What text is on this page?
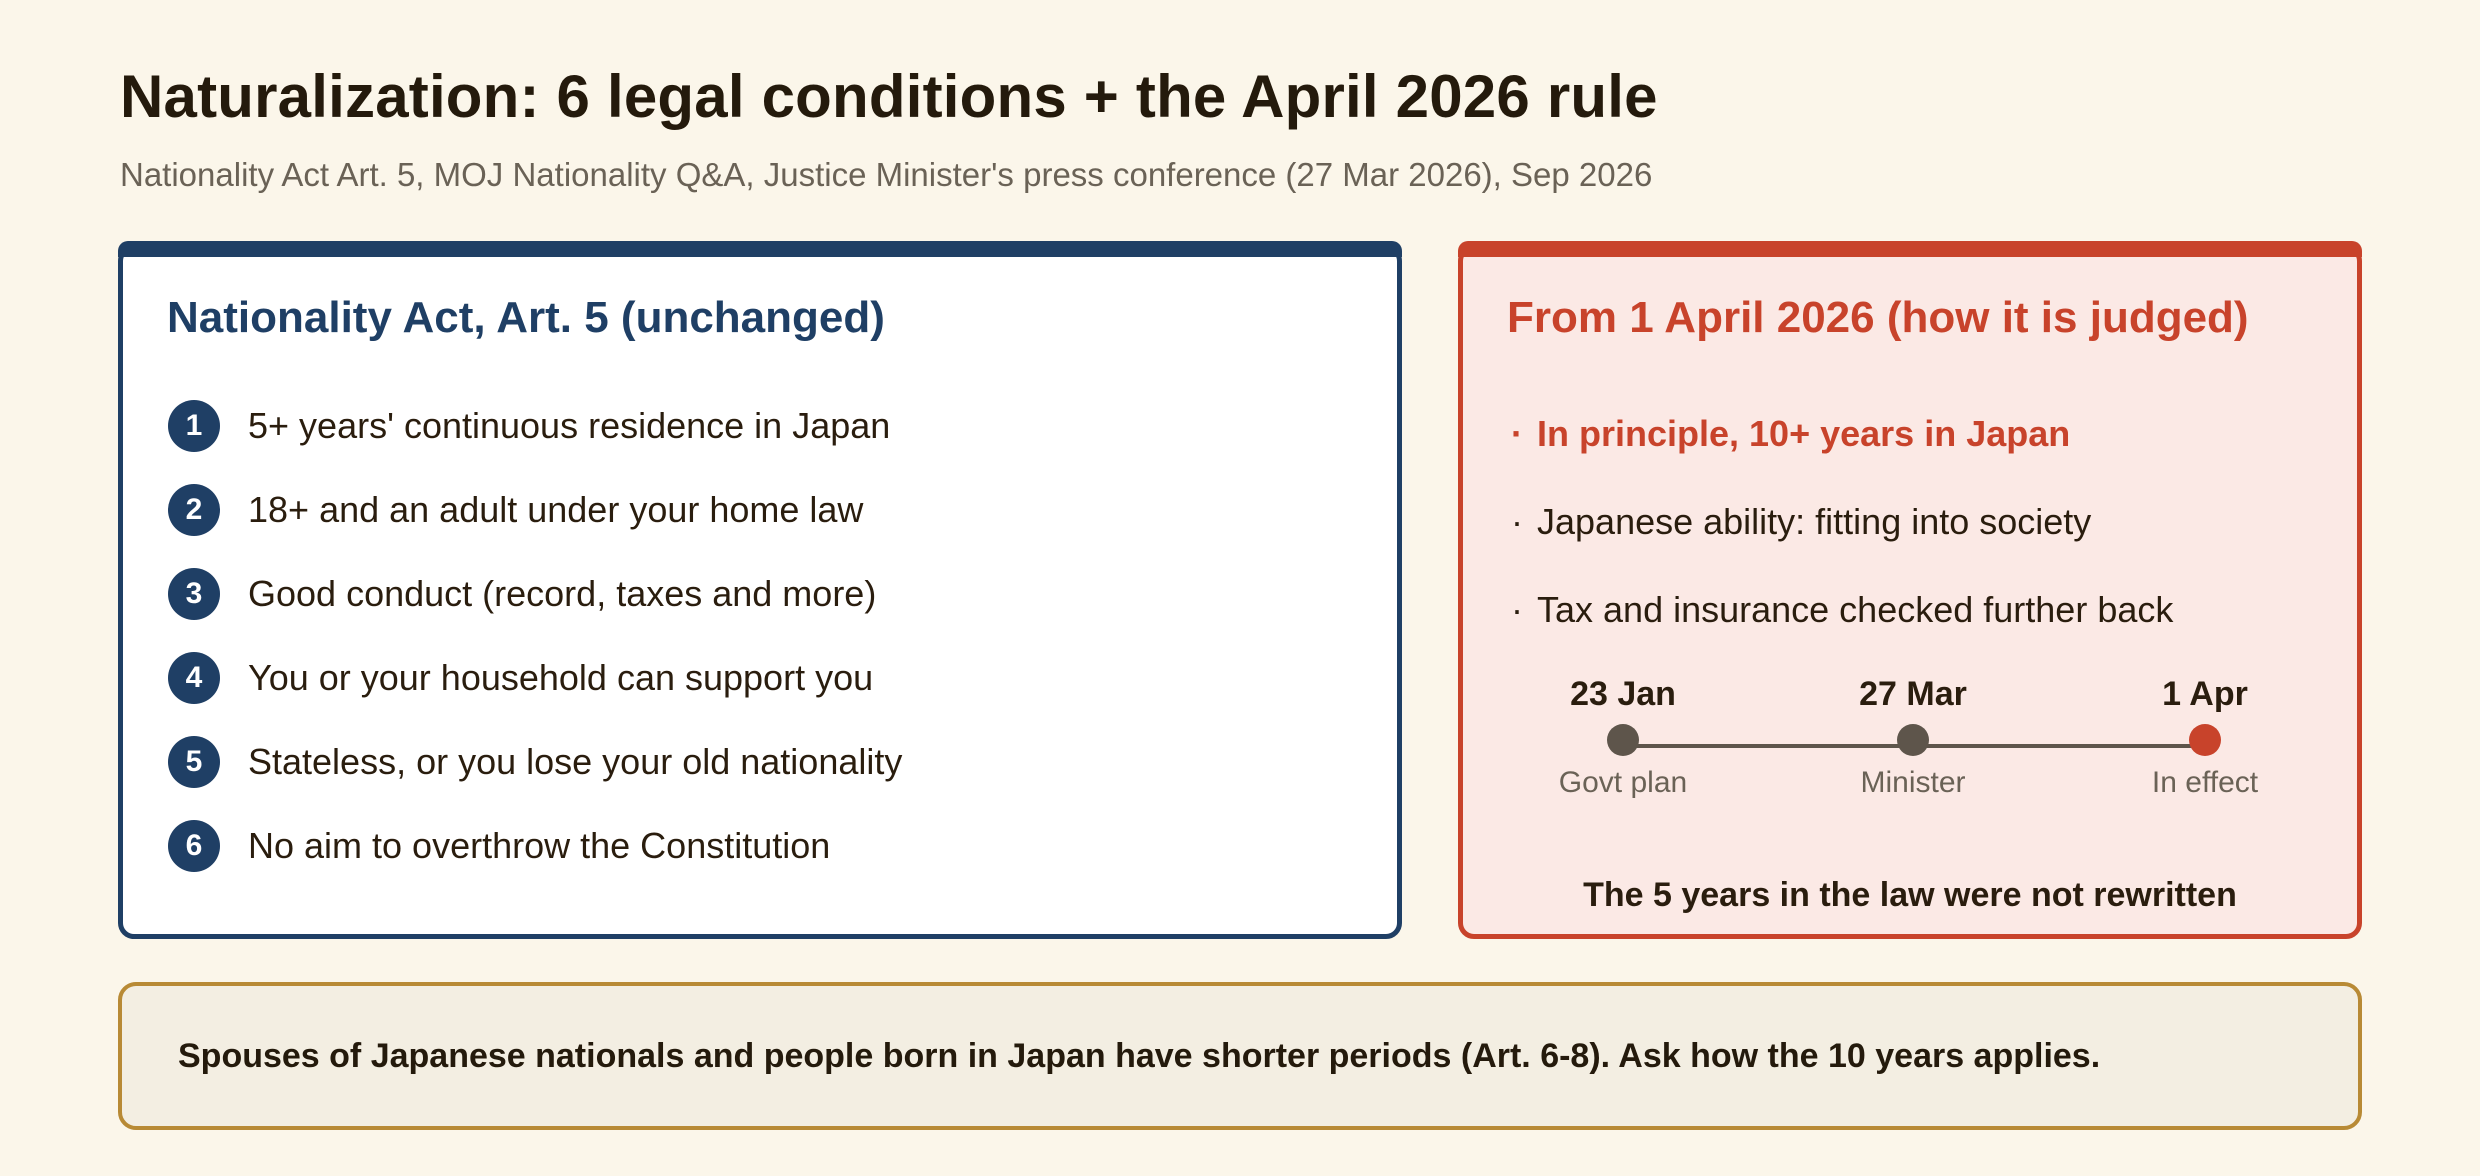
Naturalization: 6 legal conditions + the April 2026 rule

Nationality Act Art. 5, MOJ Nationality Q&A, Justice Minister's press conference (27 Mar 2026), Sep 2026

Nationality Act, Art. 5 (unchanged)
1	5+ years' continuous residence in Japan
2	18+ and an adult under your home law
3	Good conduct (record, taxes and more)
4	You or your household can support you
5	Stateless, or you lose your old nationality
6	No aim to overthrow the Constitution
From 1 April 2026 (how it is judged)
· In principle, 10+ years in Japan
· Japanese ability: fitting into society
· Tax and insurance checked further back
23 Jan
Govt plan
27 Mar
Minister
1 Apr
In effect
The 5 years in the law were not rewritten
Spouses of Japanese nationals and people born in Japan have shorter periods (Art. 6-8). Ask how the 10 years applies.
